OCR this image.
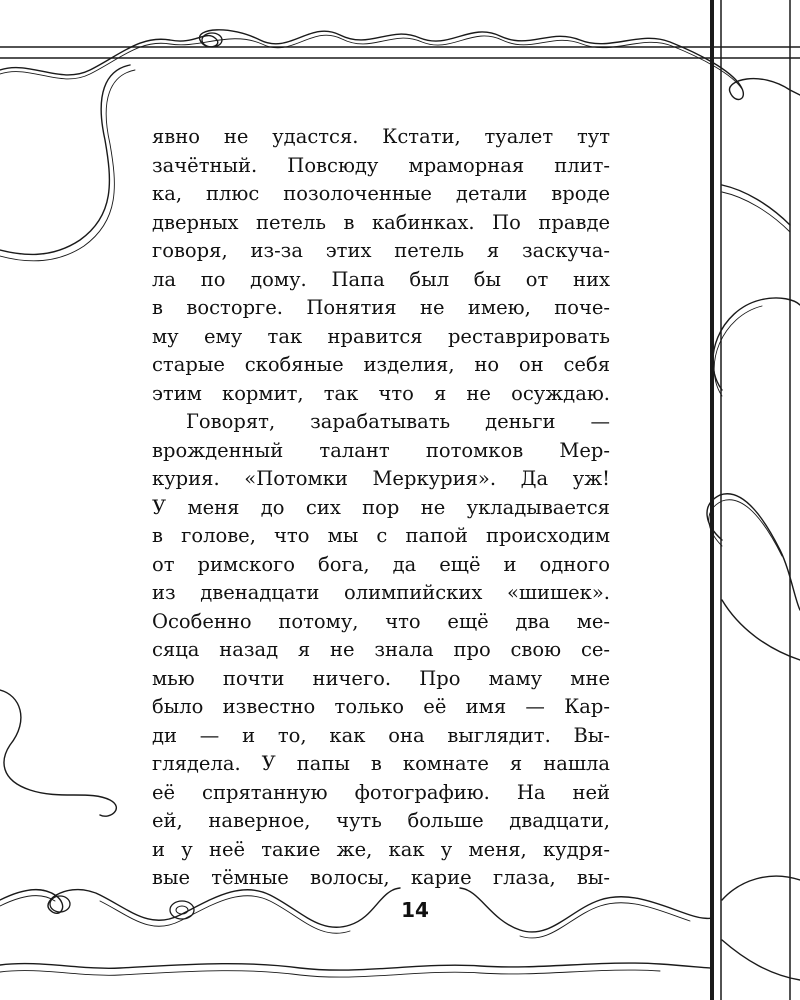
явно не удастся. Кстати, туалет тут
зачётный. Повсюду мраморная плит-
ка, плюс позолоченные детали вроде
дверных петель в кабинках. По правде
говоря, из-за этих петель я заскуча-
ла по дому. Папа был бы от них
в восторге. Понятия не имею, поче-
му ему так нравится реставрировать
старые скобяные изделия, но он себя
этим кормит, так что я не осуждаю.
Говорят, зарабатывать деньги —
врожденный талант потомков Мер-
курия. «Потомки Меркурия». Да уж!
У меня до сих пор не укладывается
в голове, что мы с папой происходим
от римского бога, да ещё и одного
из двенадцати олимпийских «шишек».
Особенно потому, что ещё два ме-
сяца назад я не знала про свою се-
мью почти ничего. Про маму мне
было известно только её имя — Кар-
ди — и то, как она выглядит. Вы-
глядела. У папы в комнате я нашла
её спрятанную фотографию. На ней
ей, наверное, чуть больше двадцати,
и у неё такие же, как у меня, кудря-
вые тёмные волосы, карие глаза, вы-
14
